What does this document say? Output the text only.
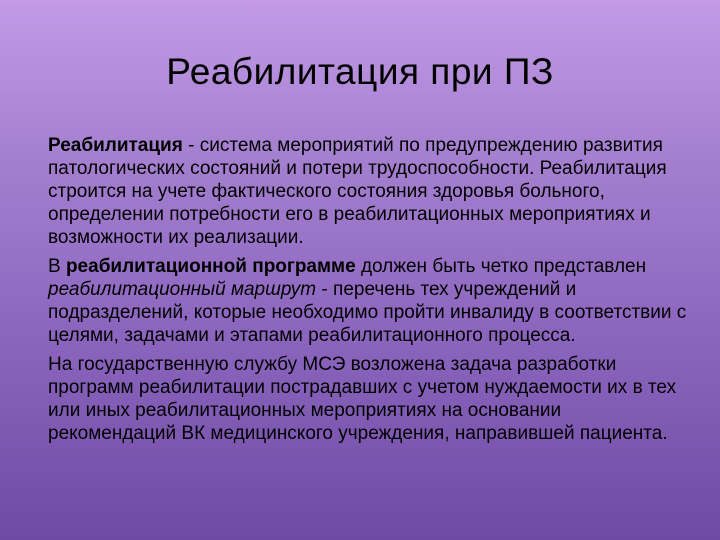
Реабилитация при ПЗ

Реабилитация - система мероприятий по предупреждению развития патологических состояний и потери трудоспособности. Реабилитация строится на учете фактического состояния здоровья больного, определении потребности его в реабилитационных мероприятиях и возможности их реализации.

В реабилитационной программе должен быть четко представлен реабилитационный маршрут - перечень тех учреждений и подразделений, которые необходимо пройти инвалиду в соответствии с целями, задачами и этапами реабилитационного процесса.

На государственную службу МСЭ возложена задача разработки программ реабилитации пострадавших с учетом нуждаемости их в тех или иных реабилитационных мероприятиях на основании рекомендаций ВК медицинского учреждения, направившей пациента.
